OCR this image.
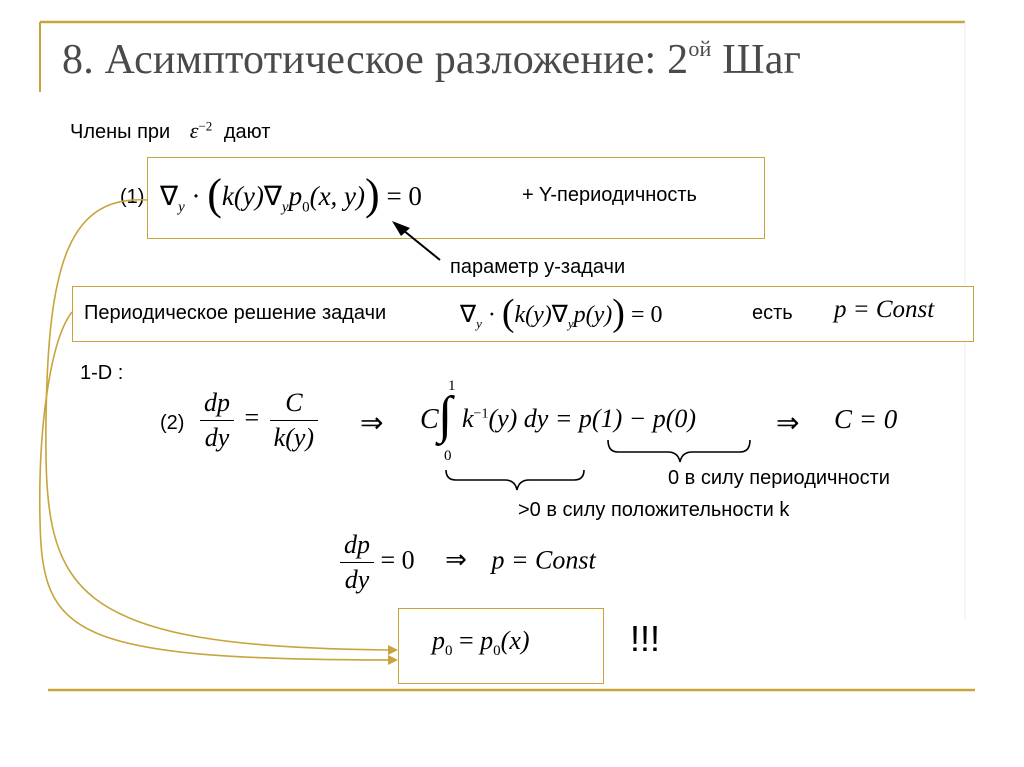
8. Асимптотическое разложение: $2^{ой}$ Шаг
Члены при $\varepsilon^{-2}$ дают
(1) $\nabla_y \cdot (k(y)\nabla_yp_0(x$, y)) = 0	+ Y-периодичность
параметр y-задачи
Периодическое решение задачи	$\nabla_y \cdot (k(y)\nabla_yp(y)) = 0$	есть p = Const
1-D :
$(2) \frac{dp}{dy} = \frac{C}{k(y)}$ ⇒ C ∫
1
0
$k^{-1}(y)$ dy = p(1) − p(0)	⇒ C = 0
0 в силу периодичности
>0 в силу положительности k
$\frac{dp}{dy} = 0$ ⇒ p = Const
$p_0 = p_0(x)$	!!!
